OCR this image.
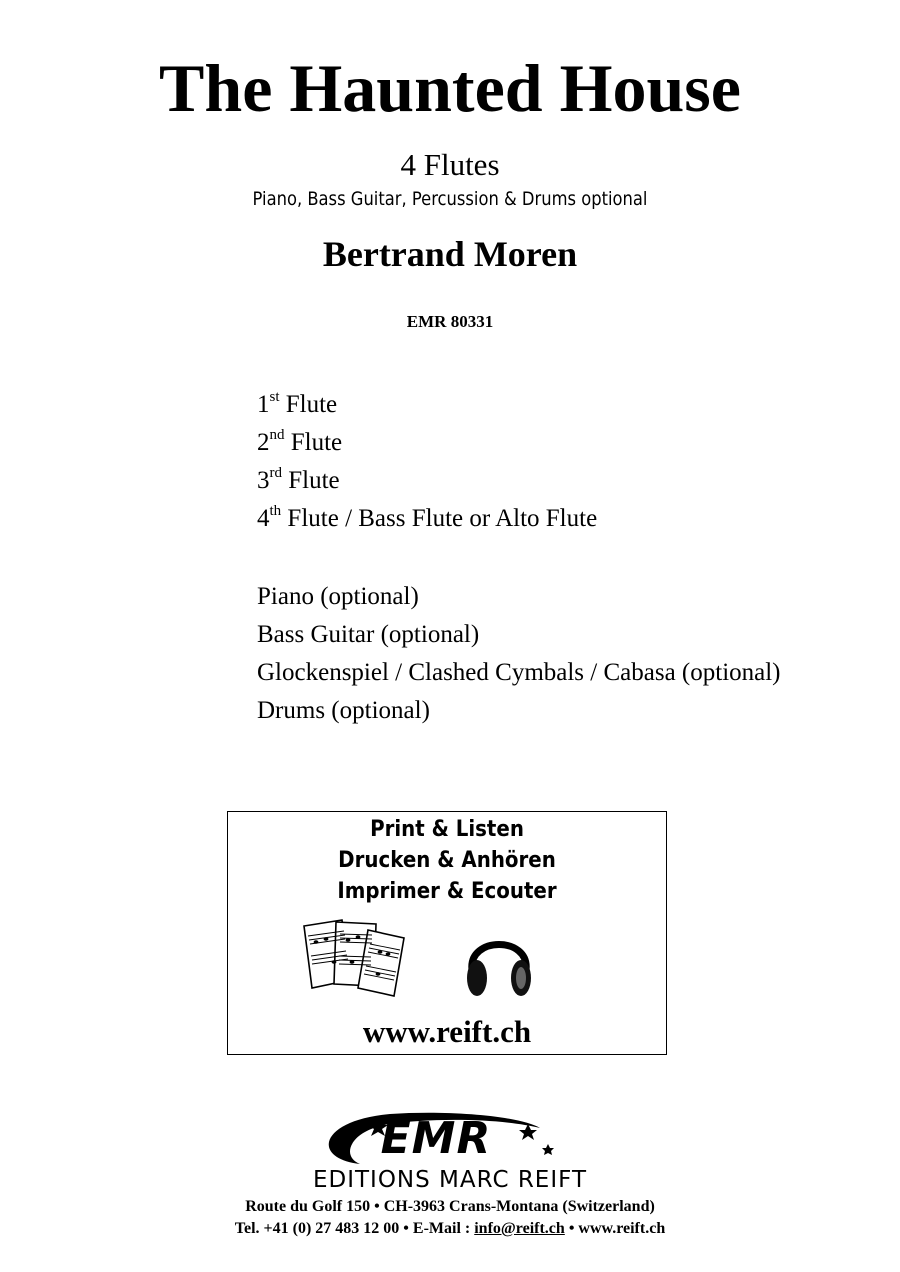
The Haunted House
4 Flutes
Piano, Bass Guitar, Percussion & Drums optional
Bertrand Moren
EMR 80331
1st Flute
2nd Flute
3rd Flute
4th Flute / Bass Flute or Alto Flute
Piano (optional)
Bass Guitar (optional)
Glockenspiel / Clashed Cymbals / Cabasa (optional)
Drums (optional)
Print & Listen
Drucken & Anhören
Imprimer & Ecouter
www.reift.ch
EMR
EDITIONS MARC REIFT
Route du Golf 150 • CH-3963 Crans-Montana (Switzerland)
Tel. +41 (0) 27 483 12 00 • E-Mail : info@reift.ch • www.reift.ch
